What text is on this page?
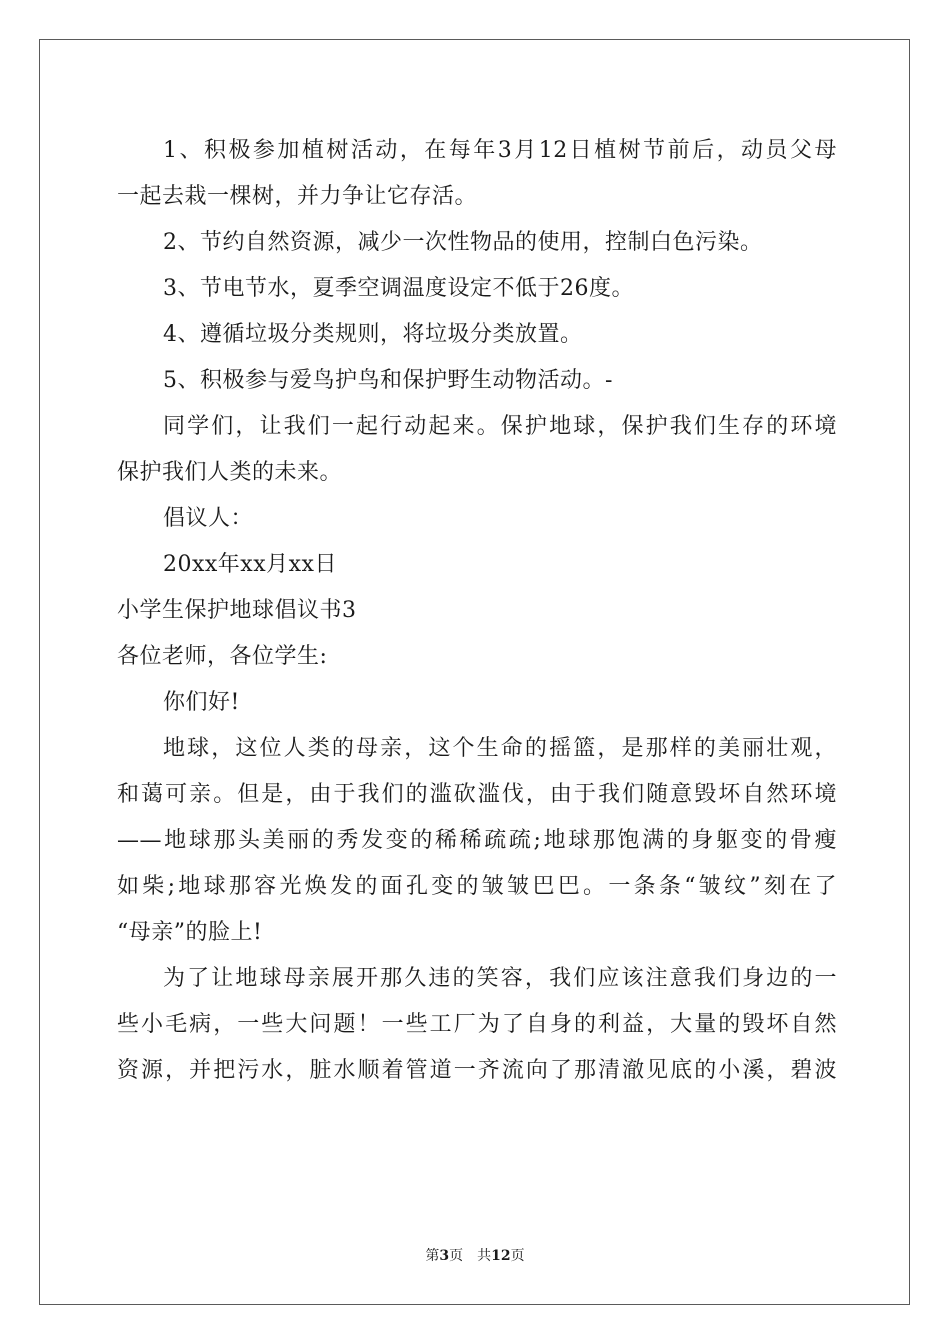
1、积极参加植树活动，在每年3月12日植树节前后，动员父母
一起去栽一棵树，并力争让它存活。
2、节约自然资源，减少一次性物品的使用，控制白色污染。
3、节电节水，夏季空调温度设定不低于26度。
4、遵循垃圾分类规则，将垃圾分类放置。
5、积极参与爱鸟护鸟和保护野生动物活动。-
同学们，让我们一起行动起来。保护地球，保护我们生存的环境
保护我们人类的未来。
倡议人：
20xx年xx月xx日
小学生保护地球倡议书3
各位老师，各位学生:
你们好!
地球，这位人类的母亲，这个生命的摇篮，是那样的美丽壮观，
和蔼可亲。但是，由于我们的滥砍滥伐，由于我们随意毁坏自然环境
——地球那头美丽的秀发变的稀稀疏疏;地球那饱满的身躯变的骨瘦
如柴;地球那容光焕发的面孔变的皱皱巴巴。一条条“皱纹”刻在了
“母亲”的脸上!
为了让地球母亲展开那久违的笑容，我们应该注意我们身边的一
些小毛病，一些大问题！一些工厂为了自身的利益，大量的毁坏自然
资源，并把污水，脏水顺着管道一齐流向了那清澈见底的小溪，碧波
第3页　共12页
